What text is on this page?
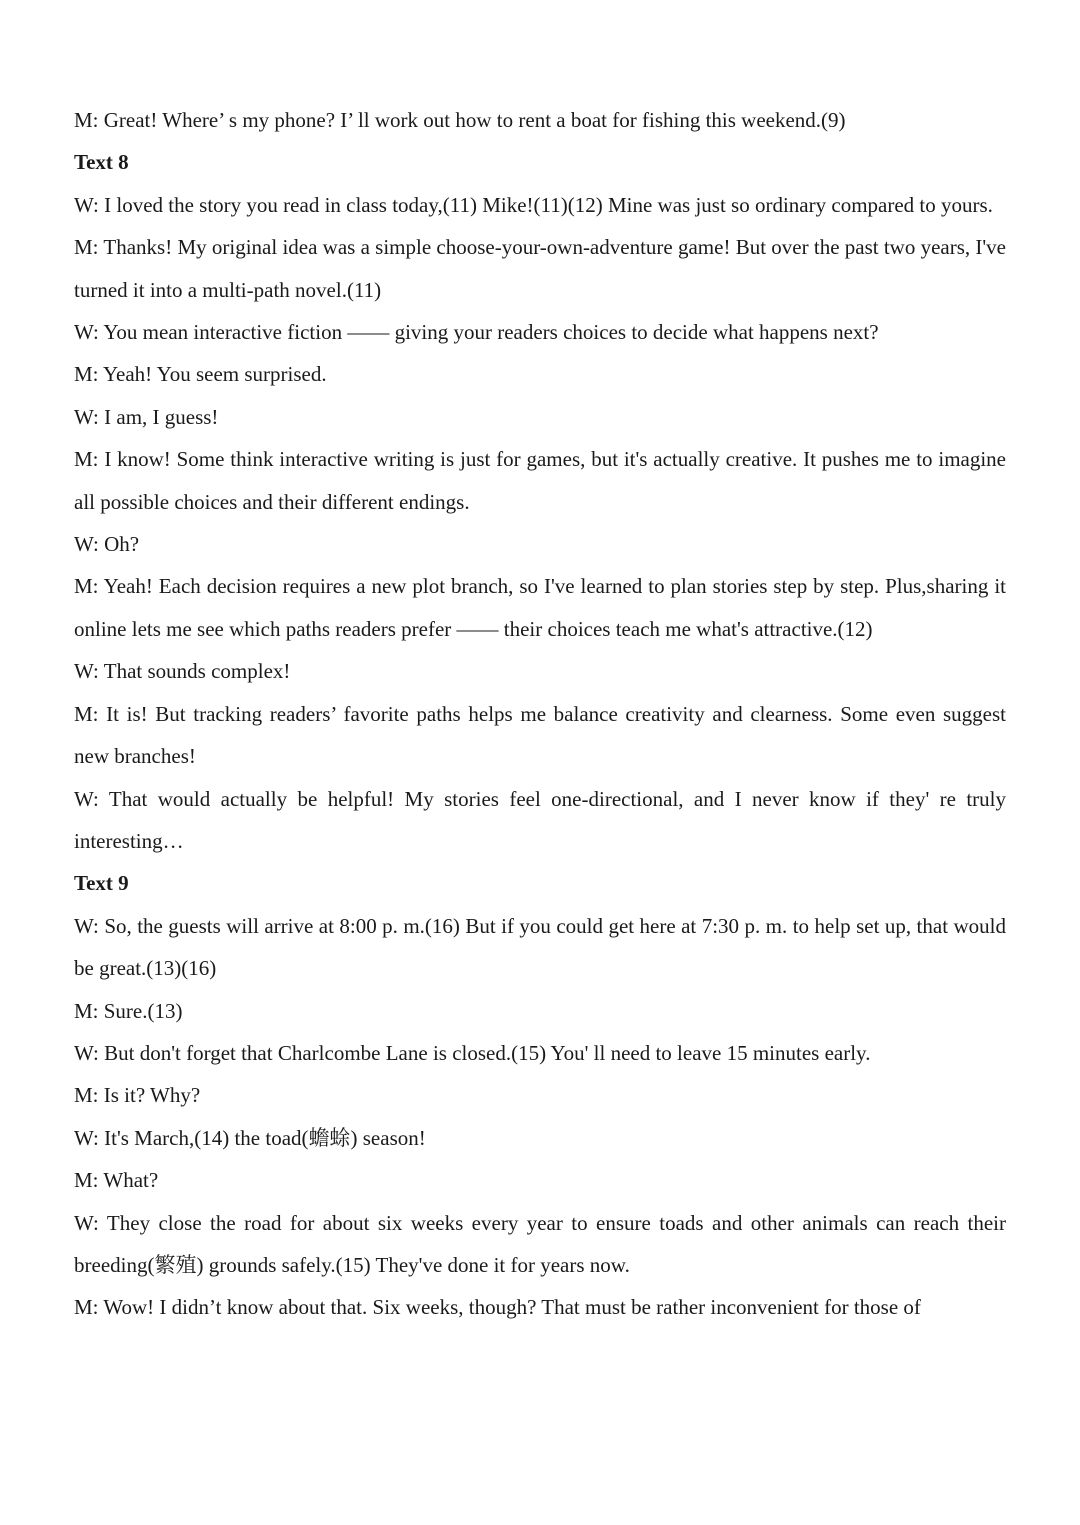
M: Great! Where’ s my phone? I’ ll work out how to rent a boat for fishing this weekend.(9)

Text 8

W: I loved the story you read in class today,(11) Mike!(11)(12) Mine was just so ordinary compared to yours.

M: Thanks! My original idea was a simple choose-your-own-adventure game! But over the past two years, I've turned it into a multi-path novel.(11)

W: You mean interactive fiction —— giving your readers choices to decide what happens next?

M: Yeah! You seem surprised.

W: I am, I guess!

M: I know! Some think interactive writing is just for games, but it's actually creative. It pushes me to imagine all possible choices and their different endings.

W: Oh?

M: Yeah! Each decision requires a new plot branch, so I've learned to plan stories step by step. Plus,sharing it online lets me see which paths readers prefer —— their choices teach me what's attractive.(12)

W: That sounds complex!

M: It is! But tracking readers’ favorite paths helps me balance creativity and clearness. Some even suggest new branches!

W: That would actually be helpful! My stories feel one-directional, and I never know if they' re truly interesting…

Text 9

W: So, the guests will arrive at 8:00 p. m.(16) But if you could get here at 7:30 p. m. to help set up, that would be great.(13)(16)

M: Sure.(13)

W: But don't forget that Charlcombe Lane is closed.(15) You' ll need to leave 15 minutes early.

M: Is it? Why?

W: It's March,(14) the toad(蟾蜍) season!

M: What?

W: They close the road for about six weeks every year to ensure toads and other animals can reach their breeding(繁殖) grounds safely.(15) They've done it for years now.

M: Wow! I didn’t know about that. Six weeks, though? That must be rather inconvenient for those of
